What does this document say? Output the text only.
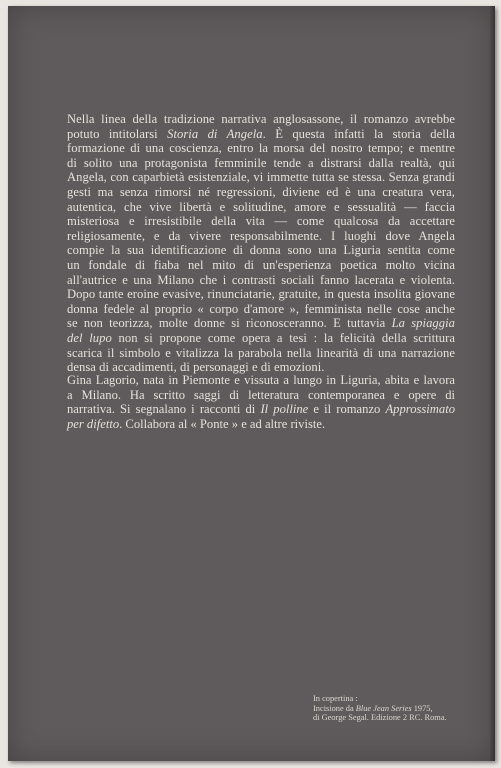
Nella linea della tradizione narrativa anglosassone, il romanzo avrebbe
potuto intitolarsi Storia di Angela. È questa infatti la storia della
formazione di una coscienza, entro la morsa del nostro tempo; e mentre
di solito una protagonista femminile tende a distrarsi dalla realtà, qui
Angela, con caparbietà esistenziale, vi immette tutta se stessa. Senza grandi
gesti ma senza rimorsi né regressioni, diviene ed è una creatura vera,
autentica, che vive libertà e solitudine, amore e sessualità — faccia
misteriosa e irresistibile della vita — come qualcosa da accettare
religiosamente, e da vivere responsabilmente. I luoghi dove Angela
compie la sua identificazione di donna sono una Liguria sentita come
un fondale di fiaba nel mito di un'esperienza poetica molto vicina
all'autrice e una Milano che i contrasti sociali fanno lacerata e violenta.
Dopo tante eroine evasive, rinunciatarie, gratuite, in questa insolita giovane
donna fedele al proprio « corpo d'amore », femminista nelle cose anche
se non teorizza, molte donne si riconosceranno. E tuttavia La spiaggia
del lupo non si propone come opera a tesi : la felicità della scrittura
scarica il simbolo e vitalizza la parabola nella linearità di una narrazione
densa di accadimenti, di personaggi e di emozioni.
Gina Lagorio, nata in Piemonte e vissuta a lungo in Liguria, abita e lavora
a Milano. Ha scritto saggi di letteratura contemporanea e opere di
narrativa. Si segnalano i racconti di Il polline e il romanzo Approssimato
per difetto. Collabora al « Ponte » e ad altre riviste.
In copertina :
Incisione da Blue Jean Series 1975,
di George Segal. Edizione 2 RC. Roma.
